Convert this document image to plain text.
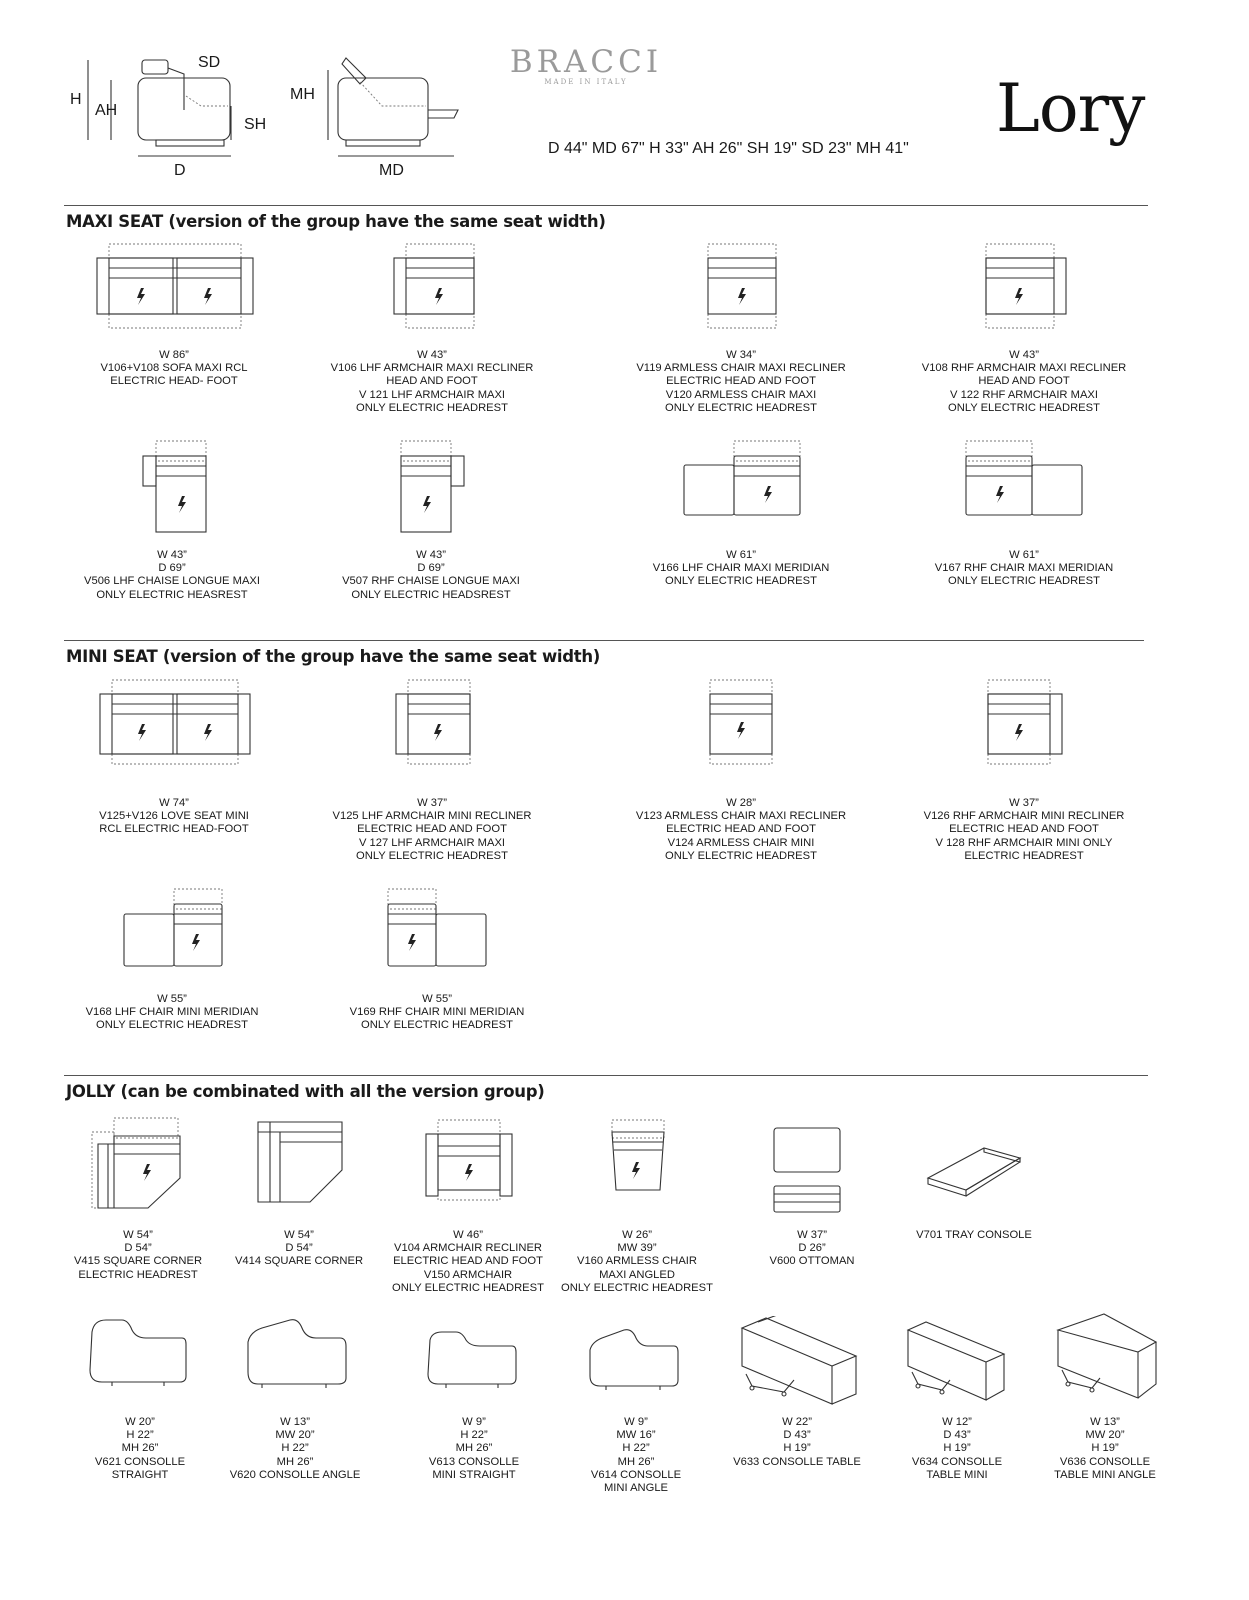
H
AH
SD
SH
D
MH
MD
BRACCI
MADE IN ITALY	Lory
D 44" MD 67" H 33" AH 26" SH 19" SD 23" MH 41"
MAXI SEAT (version of the group have the same seat width)
W 86”
V106+V108 SOFA MAXI RCL
ELECTRIC HEAD- FOOT
W 43”
V106 LHF ARMCHAIR MAXI RECLINER
HEAD AND FOOT
V 121 LHF ARMCHAIR MAXI
ONLY ELECTRIC HEADREST
W 34”
V119 ARMLESS CHAIR MAXI RECLINER
ELECTRIC HEAD AND FOOT
V120 ARMLESS CHAIR MAXI
ONLY ELECTRIC HEADREST
W 43”
V108 RHF ARMCHAIR MAXI RECLINER
HEAD AND FOOT
V 122 RHF ARMCHAIR MAXI
ONLY ELECTRIC HEADREST
W 43”
D 69”
V506 LHF CHAISE LONGUE MAXI
ONLY ELECTRIC HEASREST
W 43”
D 69”
V507 RHF CHAISE LONGUE MAXI
ONLY ELECTRIC HEADSREST
W 61”
V166 LHF CHAIR MAXI MERIDIAN
ONLY ELECTRIC HEADREST
W 61”
V167 RHF CHAIR MAXI MERIDIAN
ONLY ELECTRIC HEADREST
MINI SEAT (version of the group have the same seat width)
W 74”
V125+V126 LOVE SEAT MINI
RCL ELECTRIC HEAD-FOOT
W 37”
V125 LHF ARMCHAIR MINI RECLINER
ELECTRIC HEAD AND FOOT
V 127 LHF ARMCHAIR MAXI
ONLY ELECTRIC HEADREST
W 28”
V123 ARMLESS CHAIR MAXI RECLINER
ELECTRIC HEAD AND FOOT
V124 ARMLESS CHAIR MINI
ONLY ELECTRIC HEADREST
W 37”
V126 RHF ARMCHAIR MINI RECLINER
ELECTRIC HEAD AND FOOT
V 128 RHF ARMCHAIR MINI ONLY
ELECTRIC HEADREST
W 55”
V168 LHF CHAIR MINI MERIDIAN
ONLY ELECTRIC HEADREST
W 55”
V169 RHF CHAIR MINI MERIDIAN
ONLY ELECTRIC HEADREST
JOLLY (can be combinated with all the version group)
W 54”
D 54”
V415 SQUARE CORNER
ELECTRIC HEADREST
W 54”
D 54”
V414 SQUARE CORNER
W 46”
V104 ARMCHAIR RECLINER
ELECTRIC HEAD AND FOOT
V150 ARMCHAIR
ONLY ELECTRIC HEADREST
W 26”
MW 39”
V160 ARMLESS CHAIR
MAXI ANGLED
ONLY ELECTRIC HEADREST
W 37”
D 26”
V600 OTTOMAN
V701 TRAY CONSOLE
W 20”
H 22”
MH 26”
V621 CONSOLLE
STRAIGHT
W 13”
MW 20”
H 22”
MH 26”
V620 CONSOLLE ANGLE
W 9”
H 22”
MH 26”
V613 CONSOLLE
MINI STRAIGHT
W 9”
MW 16”
H 22”
MH 26”
V614 CONSOLLE
MINI ANGLE
W 22”
D 43”
H 19”
V633 CONSOLLE TABLE
W 12”
D 43”
H 19”
V634 CONSOLLE
TABLE MINI
W 13”
MW 20”
H 19”
V636 CONSOLLE
TABLE MINI ANGLE
